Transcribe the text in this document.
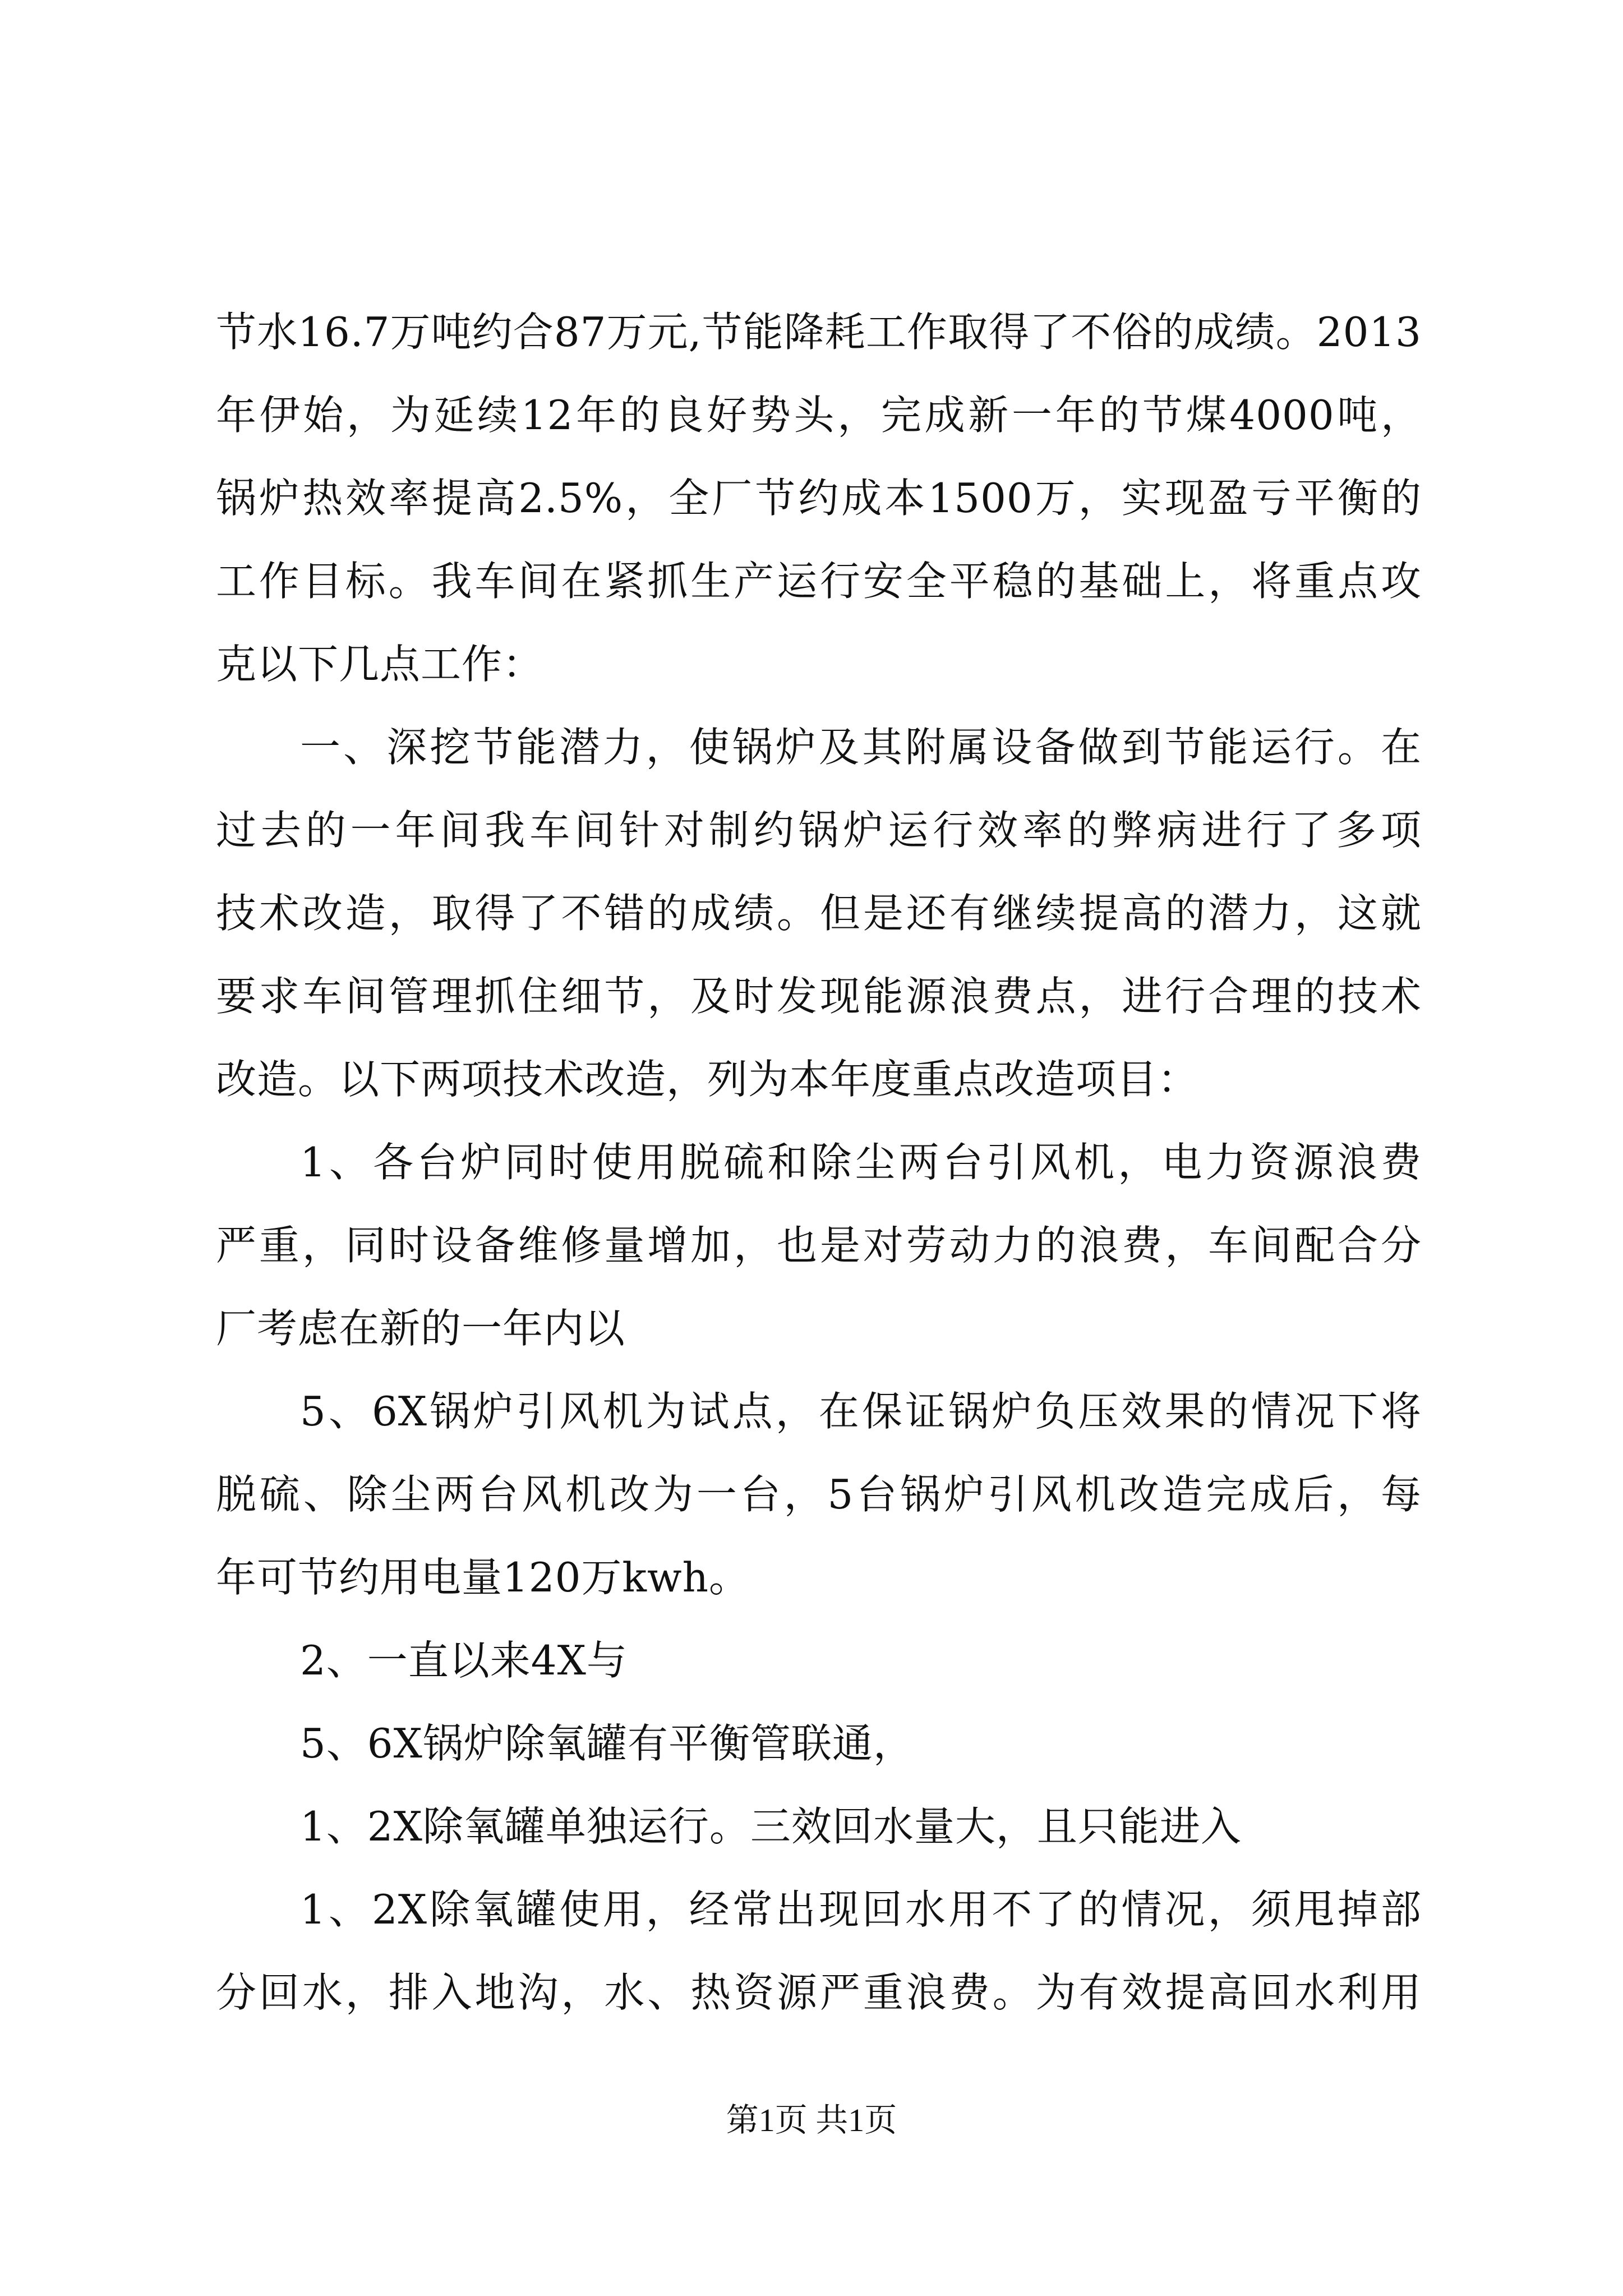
节水16.7万吨约合87万元,节能降耗工作取得了不俗的成绩。2013
年伊始，为延续12年的良好势头，完成新一年的节煤4000吨，
锅炉热效率提高2.5%，全厂节约成本1500万，实现盈亏平衡的
工作目标。我车间在紧抓生产运行安全平稳的基础上，将重点攻
克以下几点工作：
一、深挖节能潜力，使锅炉及其附属设备做到节能运行。在
过去的一年间我车间针对制约锅炉运行效率的弊病进行了多项
技术改造，取得了不错的成绩。但是还有继续提高的潜力，这就
要求车间管理抓住细节，及时发现能源浪费点，进行合理的技术
改造。以下两项技术改造，列为本年度重点改造项目：
1、各台炉同时使用脱硫和除尘两台引风机，电力资源浪费
严重，同时设备维修量增加，也是对劳动力的浪费，车间配合分
厂考虑在新的一年内以
5、6X锅炉引风机为试点，在保证锅炉负压效果的情况下将
脱硫、除尘两台风机改为一台，5台锅炉引风机改造完成后，每
年可节约用电量120万kwh。
2、一直以来4X与
5、6X锅炉除氧罐有平衡管联通，
1、2X除氧罐单独运行。三效回水量大，且只能进入
1、2X除氧罐使用，经常出现回水用不了的情况，须甩掉部
分回水，排入地沟，水、热资源严重浪费。为有效提高回水利用
第1页 共1页
